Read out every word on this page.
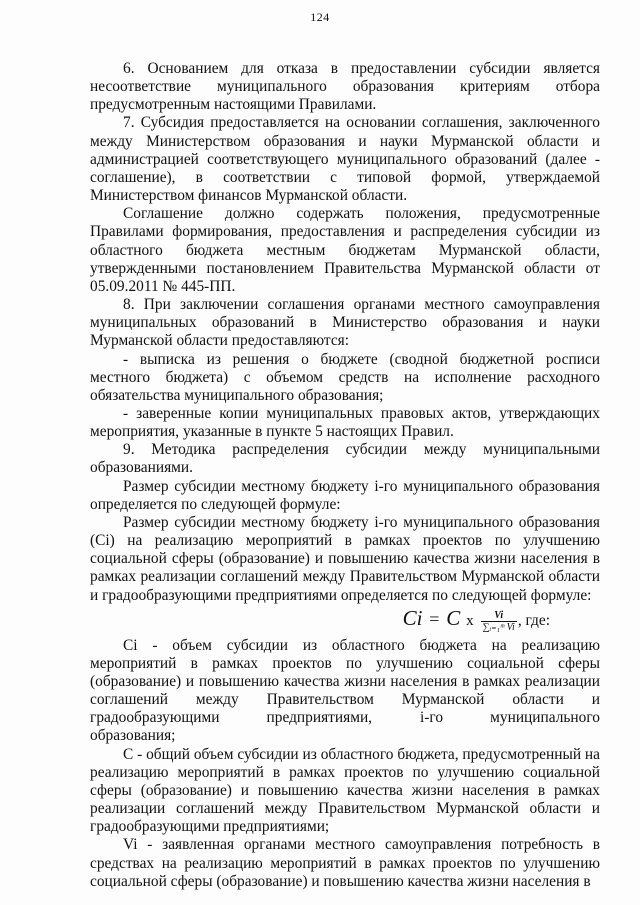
124

6. Основанием для отказа в предоставлении субсидии является несоответствие муниципального образования критериям отбора предусмотренным настоящими Правилами.

7. Субсидия предоставляется на основании соглашения, заключенного между Министерством образования и науки Мурманской области и администрацией соответствующего муниципального образований (далее - соглашение), в соответствии с типовой формой, утверждаемой Министерством финансов Мурманской области.

Соглашение должно содержать положения, предусмотренные Правилами формирования, предоставления и распределения субсидии из областного бюджета местным бюджетам Мурманской области, утвержденными постановлением Правительства Мурманской области от 05.09.2011 № 445-ПП.

8. При заключении соглашения органами местного самоуправления муниципальных образований в Министерство образования и науки Мурманской области предоставляются:

- выписка из решения о бюджете (сводной бюджетной росписи местного бюджета) с объемом средств на исполнение расходного обязательства муниципального образования;

- заверенные копии муниципальных правовых актов, утверждающих мероприятия, указанные в пункте 5 настоящих Правил.

9. Методика распределения субсидии между муниципальными образованиями.

Размер субсидии местному бюджету i-го муниципального образования определяется по следующей формуле:

Размер субсидии местному бюджету i-го муниципального образования (Ci) на реализацию мероприятий в рамках проектов по улучшению социальной сферы (образование) и повышению качества жизни населения в рамках реализации соглашений между Правительством Мурманской области и градообразующими предприятиями определяется по следующей формуле:

Ci = C x $\frac{Vi}{\text{∑ᵢ₌₁ᵐ Vi}}$ , где:

Ci - объем субсидии из областного бюджета на реализацию мероприятий в рамках проектов по улучшению социальной сферы (образование) и повышению качества жизни населения в рамках реализации соглашений между Правительством Мурманской области и градообразующими предприятиями,	i-го муниципального образования;

С - общий объем субсидии из областного бюджета, предусмотренный на реализацию мероприятий в рамках проектов по улучшению социальной сферы (образование) и повышению качества жизни населения в рамках реализации соглашений между Правительством Мурманской области и градообразующими предприятиями;

Vi - заявленная органами местного самоуправления потребность в средствах на реализацию мероприятий в рамках проектов по улучшению социальной сферы (образование) и повышению качества жизни населения в
